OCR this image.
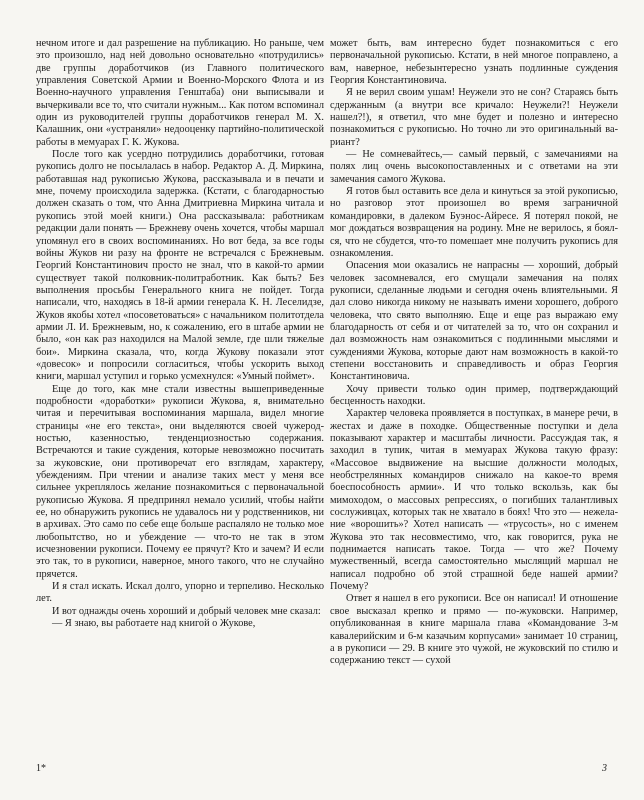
нечном итоге и дал разрешение на публикацию. Но раньше, чем это произошло, над ней довольно основательно «потрудились» две группы доработчиков (из Главного политического управления Советской Армии и Военно-Морского Флота и из Военно-научного управления Генштаба) они выписывали и вычеркивали все то, что считали нужным... Как потом вспоминал один из руководителей группы доработчиков генерал М. Х. Калашник, они «устраняли» недооценку партийно-политической работы в мемуарах Г. К. Жукова.

После того как усердно потрудились доработчики, готовая рукопись долго не посылалась в набор. Редактор А. Д. Миркина, работавшая над рукописью Жукова, рассказывала и в печати и мне, почему происходила задержка. (Кстати, с благодарностью должен сказать о том, что Анна Дмитриевна Миркина читала и рукопись этой моей книги.) Она рассказывала: работникам редакции дали понять — Брежневу очень хочется, чтобы маршал упомянул его в своих воспоминаниях. Но вот беда, за все годы войны Жуков ни разу на фронте не встречался с Брежневым. Георгий Константинович просто не знал, что в какой-то армии существует такой полковник-политработник. Как быть? Без выполнения просьбы Генерального книга не пойдет. Тогда написали, что, находясь в 18-й армии генерала К. Н. Леселидзе, Жуков якобы хотел «посоветоваться» с начальником политотдела армии Л. И. Брежневым, но, к сожалению, его в штабе армии не было, «он как раз находился на Малой земле, где шли тяжелые бои». Миркина сказала, что, когда Жукову показали этот «довесок» и попросили согласиться, чтобы ускорить выход книги, маршал уступил и горько усмехнулся: «Умный поймет».

Еще до того, как мне стали известны вышеприведенные подробности «доработки» рукописи Жукова, я, внимательно читая и перечитывая воспоминания маршала, видел многие страницы «не его текста», они выделяются своей чужеродностью, казенностью, тенденциозностью содержания. Встречаются и такие суждения, которые невозможно посчитать за жуковские, они противоречат его взглядам, характеру, убеждениям. При чтении и анализе таких мест у меня все сильнее укреплялось желание познакомиться с первоначальной рукописью Жукова. Я предпринял немало усилий, чтобы найти ее, но обнаружить рукопись не удавалось ни у родственников, ни в архивах. Это само по себе еще больше распаляло не только мое любопытство, но и убеждение — что-то не так в этом исчезновении рукописи. Почему ее прячут? Кто и зачем? И если это так, то в рукописи, наверное, много такого, что не случайно прячется.

И я стал искать. Искал долго, упорно и терпеливо. Несколько лет.

И вот однажды очень хороший и добрый человек мне сказал:

— Я знаю, вы работаете над книгой о Жукове,

может быть, вам интересно будет познакомиться с его первоначальной рукописью. Кстати, в ней многое поправлено, а вам, наверное, небезынтересно узнать подлинные суждения Георгия Константиновича.

Я не верил своим ушам! Неужели это не сон? Стараясь быть сдержанным (а внутри все кричало: Неужели?! Неужели нашел?!), я ответил, что мне будет и полезно и интересно познакомиться с рукописью. Но точно ли это оригинальный вариант?

— Не сомневайтесь,— самый первый, с замечаниями на полях лиц очень высокопоставленных и с ответами на эти замечания самого Жукова.

Я готов был оставить все дела и кинуться за этой рукописью, но разговор этот произошел во время заграничной командировки, в далеком Буэнос-Айресе. Я потерял покой, не мог дождаться возвращения на родину. Мне не верилось, я боялся, что не сбудется, что-то помешает мне получить рукопись для ознакомления.

Опасения мои оказались не напрасны — хороший, добрый человек засомневался, его смущали замечания на полях рукописи, сделанные людьми и сегодня очень влиятельными. Я дал слово никогда никому не называть имени хорошего, доброго человека, что свято выполняю. Еще и еще раз выражаю ему благодарность от себя и от читателей за то, что он сохранил и дал возможность нам ознакомиться с подлинными мыслями и суждениями Жукова, которые дают нам возможность в какой-то степени восстановить и справедливость и образ Георгия Константиновича.

Хочу привести только один пример, подтверждающий бесценность находки.

Характер человека проявляется в поступках, в манере речи, в жестах и даже в походке. Общественные поступки и дела показывают характер и масштабы личности. Рассуждая так, я заходил в тупик, читая в мемуарах Жукова такую фразу: «Массовое выдвижение на высшие должности молодых, необстрелянных командиров снижало на какое-то время боеспособность армии». И что только вскользь, как бы мимоходом, о массовых репрессиях, о погибших талантливых сослуживцах, которых так не хватало в боях! Что это — нежелание «ворошить»? Хотел написать — «трусость», но с именем Жукова это так несовместимо, что, как говорится, рука не поднимается написать такое. Тогда — что же? Почему мужественный, всегда самостоятельно мыслящий маршал не написал подробно об этой страшной беде нашей армии? Почему?

Ответ я нашел в его рукописи. Все он написал! И отношение свое высказал крепко и прямо — по-жуковски. Например, опубликованная в книге маршала глава «Командование 3-м кавалерийским и 6-м казачьим корпусами» занимает 10 страниц, а в рукописи — 29. В книге это чужой, не жуковский по стилю и содержанию текст — сухой

1*	3
